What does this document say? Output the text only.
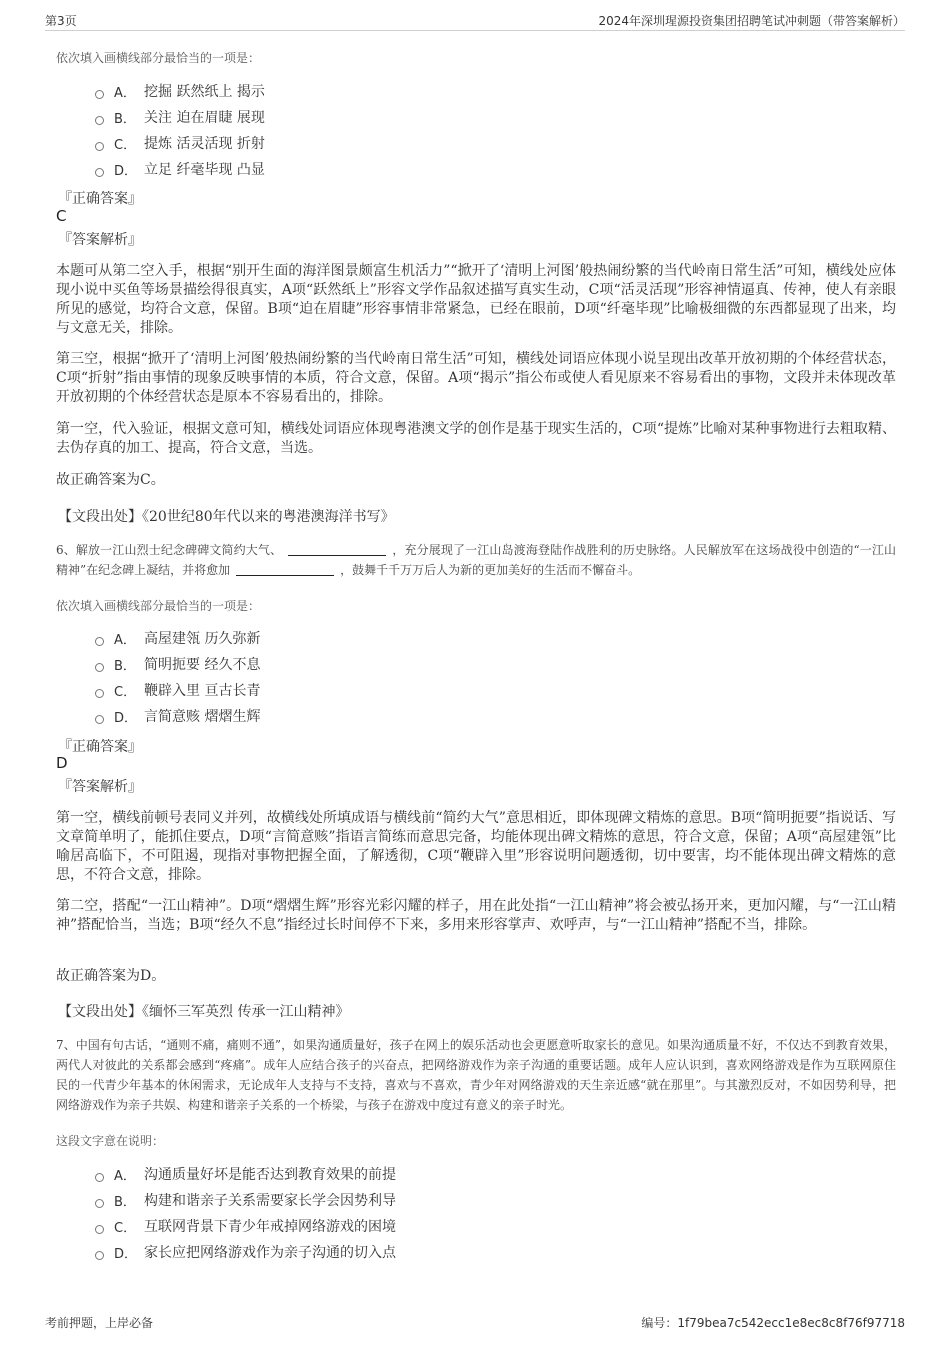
第3页	2024年深圳瑆源投资集团招聘笔试冲刺题（带答案解析）
依次填入画横线部分最恰当的一项是：
A． 挖掘 跃然纸上 揭示
B． 关注 迫在眉睫 展现
C． 提炼 活灵活现 折射
D． 立足 纤毫毕现 凸显
『正确答案』
C
『答案解析』
本题可从第二空入手，根据“别开生面的海洋图景颇富生机活力”“掀开了‘清明上河图’般热闹纷繁的当代岭南日常生活”可知，横线处应体现小说中买鱼等场景描绘得很真实，A项“跃然纸上”形容文学作品叙述描写真实生动，C项“活灵活现”形容神情逼真、传神，使人有亲眼所见的感觉，均符合文意，保留。B项“迫在眉睫”形容事情非常紧急，已经在眼前，D项“纤毫毕现”比喻极细微的东西都显现了出来，均与文意无关，排除。
第三空，根据“掀开了‘清明上河图’般热闹纷繁的当代岭南日常生活”可知，横线处词语应体现小说呈现出改革开放初期的个体经营状态，C项“折射”指由事情的现象反映事情的本质，符合文意，保留。A项“揭示”指公布或使人看见原来不容易看出的事物，文段并未体现改革开放初期的个体经营状态是原本不容易看出的，排除。
第一空，代入验证，根据文意可知，横线处词语应体现粤港澳文学的创作是基于现实生活的，C项“提炼”比喻对某种事物进行去粗取精、去伪存真的加工、提高，符合文意，当选。
故正确答案为C。
【文段出处】《20世纪80年代以来的粤港澳海洋书写》
6、解放一江山烈士纪念碑碑文简约大气、	，充分展现了一江山岛渡海登陆作战胜利的历史脉络。人民解放军在这场战役中创造的“一江山精神”在纪念碑上凝结，并将愈加	，鼓舞千千万万后人为新的更加美好的生活而不懈奋斗。
依次填入画横线部分最恰当的一项是：
A． 高屋建瓴 历久弥新
B． 简明扼要 经久不息
C． 鞭辟入里 亘古长青
D． 言简意赅 熠熠生辉
『正确答案』
D
『答案解析』
第一空，横线前顿号表同义并列，故横线处所填成语与横线前“简约大气”意思相近，即体现碑文精炼的意思。B项“简明扼要”指说话、写文章简单明了，能抓住要点，D项“言简意赅”指语言简练而意思完备，均能体现出碑文精炼的意思，符合文意，保留；A项“高屋建瓴”比喻居高临下，不可阻遏，现指对事物把握全面，了解透彻，C项“鞭辟入里”形容说明问题透彻，切中要害，均不能体现出碑文精炼的意思，不符合文意，排除。
第二空，搭配“一江山精神”。D项“熠熠生辉”形容光彩闪耀的样子，用在此处指“一江山精神”将会被弘扬开来，更加闪耀，与“一江山精神”搭配恰当，当选；B项“经久不息”指经过长时间停不下来，多用来形容掌声、欢呼声，与“一江山精神”搭配不当，排除。
故正确答案为D。
【文段出处】《缅怀三军英烈 传承一江山精神》
7、中国有句古话，“通则不痛，痛则不通”，如果沟通质量好，孩子在网上的娱乐活动也会更愿意听取家长的意见。如果沟通质量不好，不仅达不到教育效果，两代人对彼此的关系都会感到“疼痛”。成年人应结合孩子的兴奋点，把网络游戏作为亲子沟通的重要话题。成年人应认识到，喜欢网络游戏是作为互联网原住民的一代青少年基本的休闲需求，无论成年人支持与不支持，喜欢与不喜欢，青少年对网络游戏的天生亲近感“就在那里”。与其激烈反对，不如因势利导，把网络游戏作为亲子共娱、构建和谐亲子关系的一个桥梁，与孩子在游戏中度过有意义的亲子时光。
这段文字意在说明：
A． 沟通质量好坏是能否达到教育效果的前提
B． 构建和谐亲子关系需要家长学会因势利导
C． 互联网背景下青少年戒掉网络游戏的困境
D． 家长应把网络游戏作为亲子沟通的切入点
考前押题，上岸必备	编号：1f79bea7c542ecc1e8ec8c8f76f97718
